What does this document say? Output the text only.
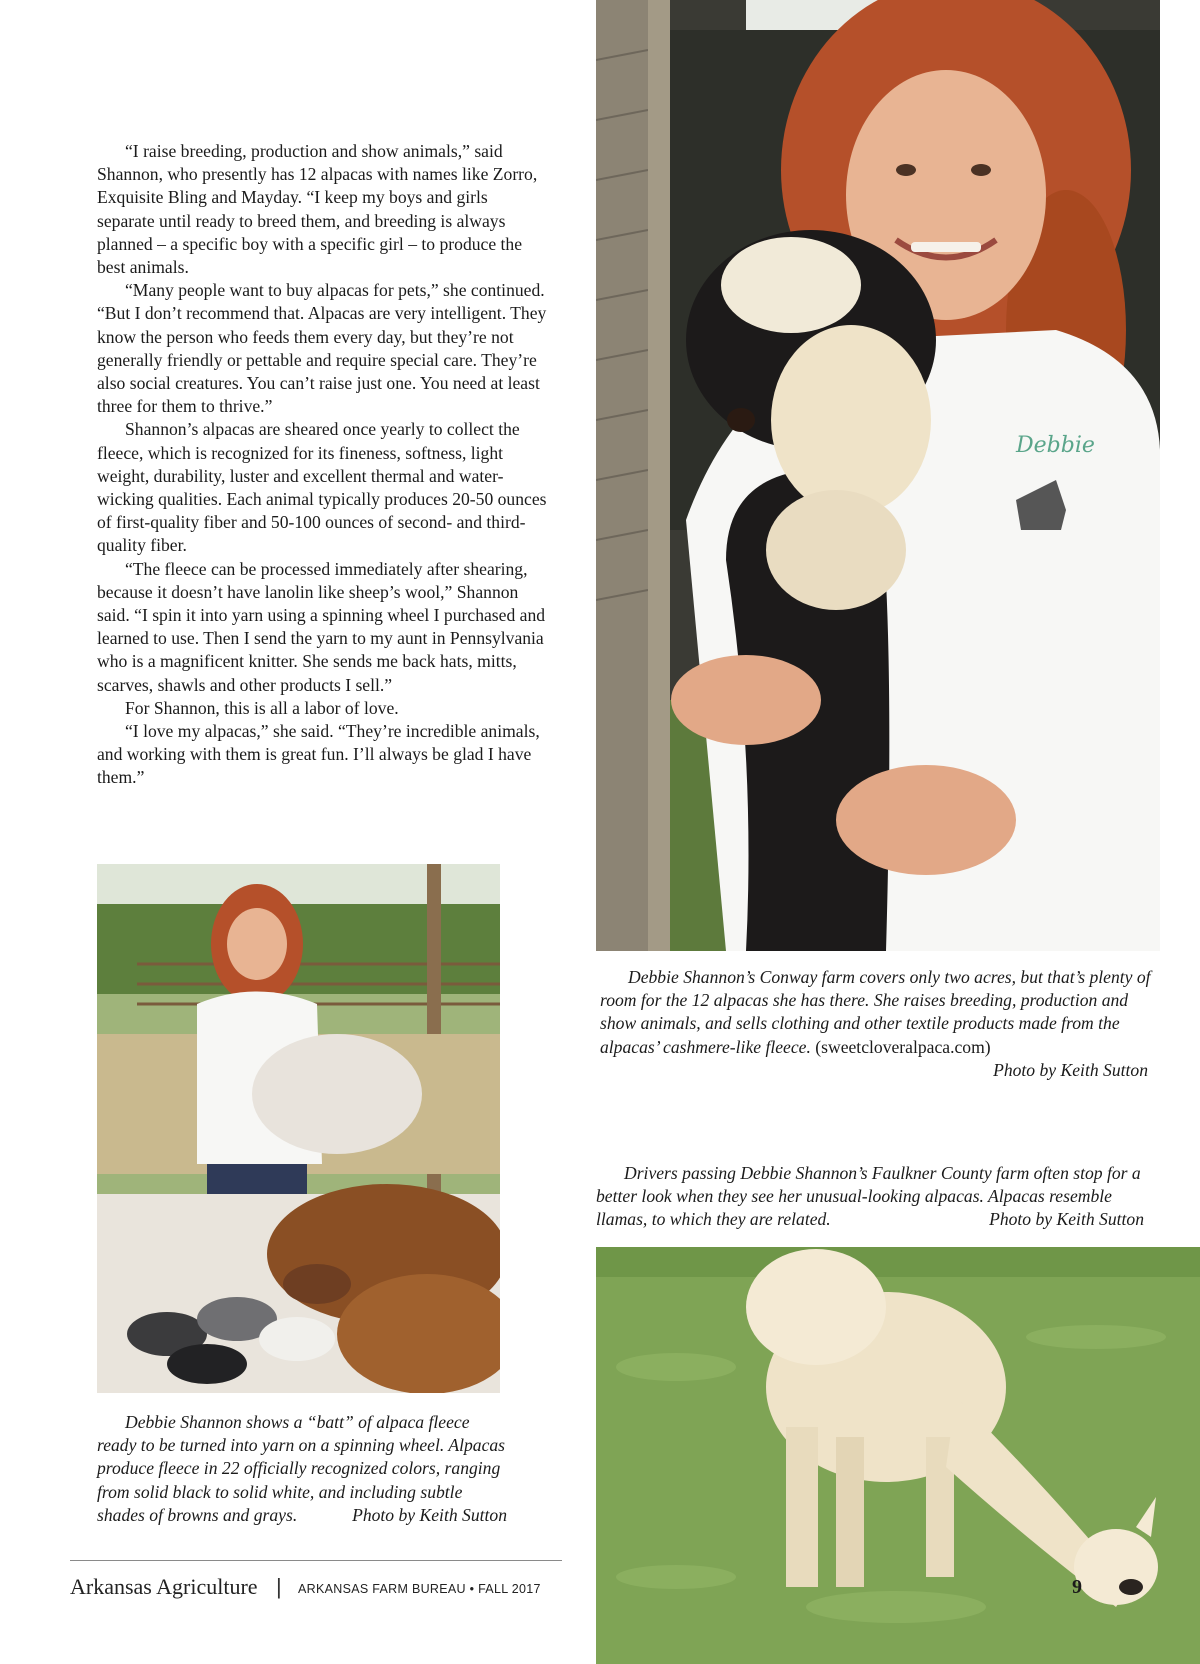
“I raise breeding, production and show animals,” said Shannon, who presently has 12 alpacas with names like Zorro, Exquisite Bling and Mayday. “I keep my boys and girls separate until ready to breed them, and breeding is always planned – a specific boy with a specific girl – to produce the best animals.

“Many people want to buy alpacas for pets,” she continued. “But I don’t recommend that. Alpacas are very intelligent. They know the person who feeds them every day, but they’re not generally friendly or pettable and require special care. They’re also social creatures. You can’t raise just one. You need at least three for them to thrive.”

Shannon’s alpacas are sheared once yearly to collect the fleece, which is recognized for its fineness, softness, light weight, durability, luster and excellent thermal and water-wicking qualities. Each animal typically produces 20-50 ounces of first-quality fiber and 50-100 ounces of second- and third-quality fiber.

“The fleece can be processed immediately after shearing, because it doesn’t have lanolin like sheep’s wool,” Shannon said. “I spin it into yarn using a spinning wheel I purchased and learned to use. Then I send the yarn to my aunt in Pennsylvania who is a magnificent knitter. She sends me back hats, mitts, scarves, shawls and other products I sell.”

For Shannon, this is all a labor of love.

“I love my alpacas,” she said. “They’re incredible animals, and working with them is great fun. I’ll always be glad I have them.”

Debbie
Debbie Shannon’s Conway farm covers only two acres, but that’s plenty of room for the 12 alpacas she has there. She raises breeding, production and show animals, and sells clothing and other textile products made from the alpacas’ cashmere-like fleece. (sweetcloveralpaca.com)
Photo by Keith Sutton
Drivers passing Debbie Shannon’s Faulkner County farm often stop for a better look when they see her unusual-looking alpacas. Alpacas resemble llamas, to which they are related.	Photo by Keith Sutton
Debbie Shannon shows a “batt” of alpaca fleece ready to be turned into yarn on a spinning wheel. Alpacas produce fleece in 22 officially recognized colors, ranging from solid black to solid white, and including subtle shades of browns and grays.	Photo by Keith Sutton
Arkansas Agriculture | ARKANSAS FARM BUREAU • FALL 2017	9
